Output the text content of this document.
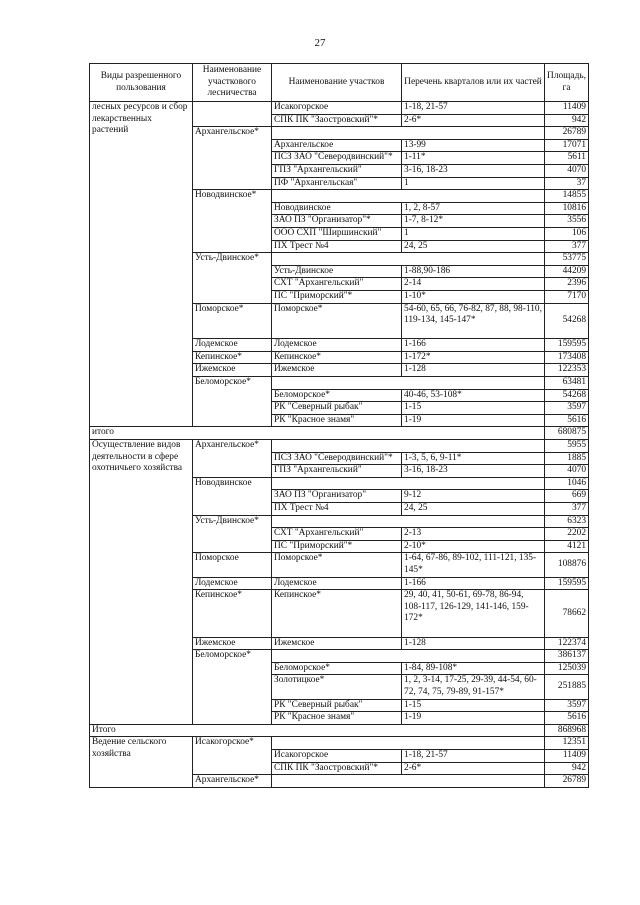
27
Виды разрешенного пользования	Наименование участкового лесничества	Наименование участков	Перечень кварталов или их частей	Площадь, га
лесных ресурсов и сбор лекарственных растений		Исакогорское	1-18, 21-57	11409
		СПК ПК "Заостровский"*	2-6*	942
	Архангельское*			26789
		Архангельское	13-99	17071
		ПСЗ ЗАО "Северодвинский"*	1-11*	5611
		ГПЗ "Архангельский"	3-16, 18-23	4070
		ПФ "Архангельская"	1	37
	Новодвинское*			14855
		Новодвинское	1, 2, 8-57	10816
		ЗАО ПЗ "Организатор"*	1-7, 8-12*	3556
		ООО СХП "Ширшинский"	1	106
		ПХ Трест №4	24, 25	377
	Усть-Двинское*			53775
		Усть-Двинское	1-88,90-186	44209
		СХТ "Архангельский"	2-14	2396
		ПС "Приморский"*	1-10*	7170
	Поморское*	Поморское*	54-60, 65, 66, 76-82, 87, 88, 98-110, 119-134, 145-147*	54268
	Лодемское	Лодемское	1-166	159595
	Кепинское*	Кепинское*	1-172*	173408
	Ижемское	Ижемское	1-128	122353
	Беломорское*			63481
		Беломорское*	40-46, 53-108*	54268
		РК "Северный рыбак"	1-15	3597
		РК "Красное знамя"	1-19	5616
итого				680875
Осуществление видов деятельности в сфере охотничьего хозяйства	Архангельское*			5955
		ПСЗ ЗАО "Северодвинский"*	1-3, 5, 6, 9-11*	1885
		ГПЗ "Архангельский"	3-16, 18-23	4070
	Новодвинское			1046
		ЗАО ПЗ "Организатор"	9-12	669
		ПХ Трест №4	24, 25	377
	Усть-Двинское*			6323
		СХТ "Архангельский"	2-13	2202
		ПС "Приморский"*	2-10*	4121
	Поморское	Поморское*	1-64, 67-86, 89-102, 111-121, 135-145*	108876
	Лодемское	Лодемское	1-166	159595
	Кепинское*	Кепинское*	29, 40, 41, 50-61, 69-78, 86-94, 108-117, 126-129, 141-146, 159-172*	78662
	Ижемское	Ижемское	1-128	122374
	Беломорское*			386137
		Беломорское*	1-84, 89-108*	125039
		Золотицкое*	1, 2, 3-14, 17-25, 29-39, 44-54, 60-72, 74, 75, 79-89, 91-157*	251885
		РК "Северный рыбак"	1-15	3597
		РК "Красное знамя"	1-19	5616
Итого				868968
Ведение сельского хозяйства	Исакогорское*			12351
		Исакогорское	1-18, 21-57	11409
		СПК ПК "Заостровский"*	2-6*	942
	Архангельское*			26789
